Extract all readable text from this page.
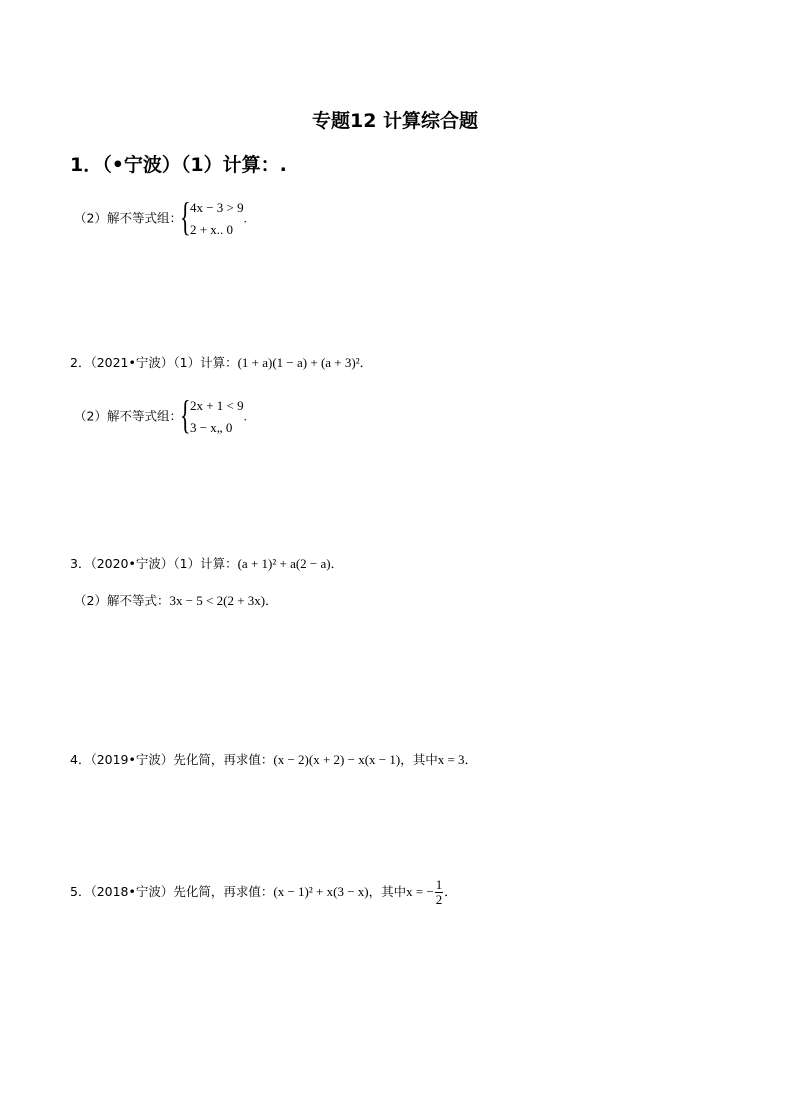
专题12 计算综合题
1．（•宁波）（1）计算：.
（2）解不等式组：
{ 4x − 3 > 9
2 + x.. 0.
2．（2021•宁波）（1）计算：(1 + a)(1 − a) + (a + 3)²．
（2）解不等式组：
{ 2x + 1 < 9
3 − x„ 0.
3．（2020•宁波）（1）计算：(a + 1)² + a(2 − a)．
（2）解不等式：3x − 5 < 2(2 + 3x)．
4．（2019•宁波）先化简，再求值：(x − 2)(x + 2) − x(x − 1)，其中x = 3．
5．（2018•宁波）先化简，再求值：(x − 1)² + x(3 − x)，其中x = − $\frac{1}{2}$ ．
